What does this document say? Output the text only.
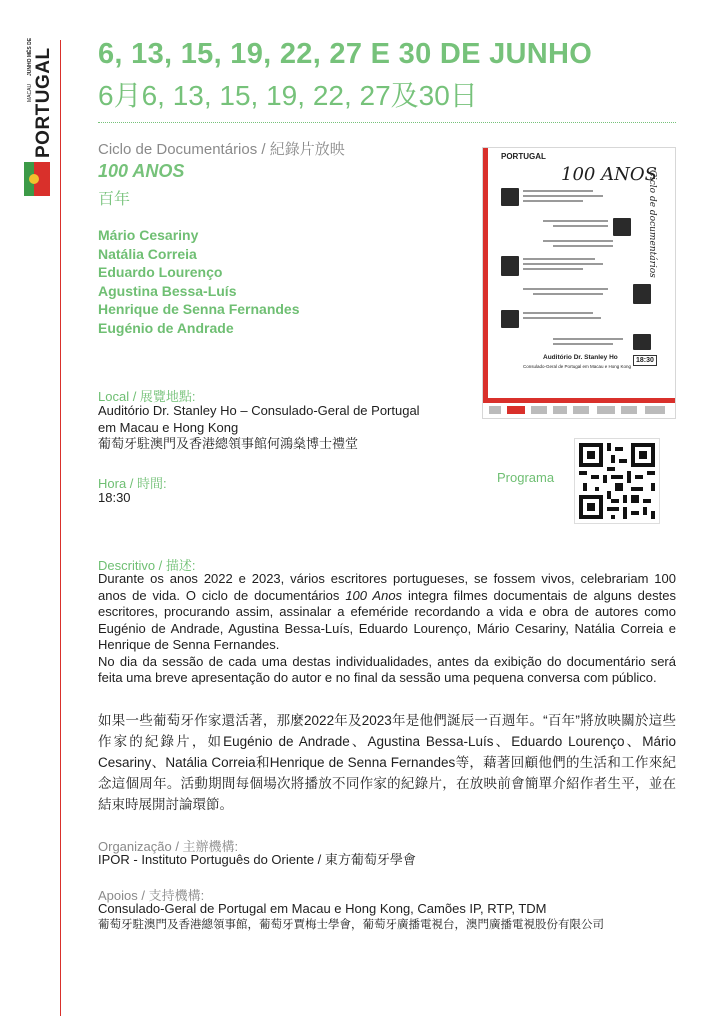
JUNHO MÊS DE
MACAU PORTUGAL 6, 13, 15, 19, 22, 27 E 30 DE JUNHO
6月6, 13, 15, 19, 22, 27及30日
Ciclo de Documentários / 紀錄片放映
100 ANOS
百年
Mário Cesariny
Natália Correia
Eduardo Lourenço
Agustina Bessa-Luís
Henrique de Senna Fernandes
Eugénio de Andrade
PORTUGAL
100 ANOS
Ciclo de documentários
Auditório Dr. Stanley Ho
Consulado-Geral de Portugal em Macau e Hong Kong
18:30
Local / 展覽地點:
Auditório Dr. Stanley Ho – Consulado-Geral de Portugal
em Macau e Hong Kong
葡萄牙駐澳門及香港總領事館何鴻燊博士禮堂
Hora / 時間:
18:30
Programa
Descritivo / 描述:

Durante os anos 2022 e 2023, vários escritores portugueses, se fossem vivos, celebrariam 100 anos de vida. O ciclo de documentários 100 Anos integra filmes documentais de alguns destes escritores, procurando assim, assinalar a efeméride recordando a vida e obra de autores como Eugénio de Andrade, Agustina Bessa-Luís, Eduardo Lourenço, Mário Cesariny, Natália Correia e Henrique de Senna Fernandes.

No dia da sessão de cada uma destas individualidades, antes da exibição do documentário será feita uma breve apresentação do autor e no final da sessão uma pequena conversa com público.

如果一些葡萄牙作家還活著，那麼2022年及2023年是他們誕辰一百週年。“百年”將放映關於這些作家的紀錄片，如Eugénio de Andrade、Agustina Bessa-Luís、Eduardo Lourenço、Mário Cesariny、Natália Correia和Henrique de Senna Fernandes等，藉著回顧他們的生活和工作來紀念這個周年。活動期間每個場次將播放不同作家的紀錄片，在放映前會簡單介紹作者生平，並在結束時展開討論環節。
Organização / 主辦機構:
IPOR - Instituto Português do Oriente / 東方葡萄牙學會
Apoios / 支持機構:
Consulado-Geral de Portugal em Macau e Hong Kong, Camões IP, RTP, TDM
葡萄牙駐澳門及香港總領事館，葡萄牙賈梅士學會，葡萄牙廣播電視台，澳門廣播電視股份有限公司
